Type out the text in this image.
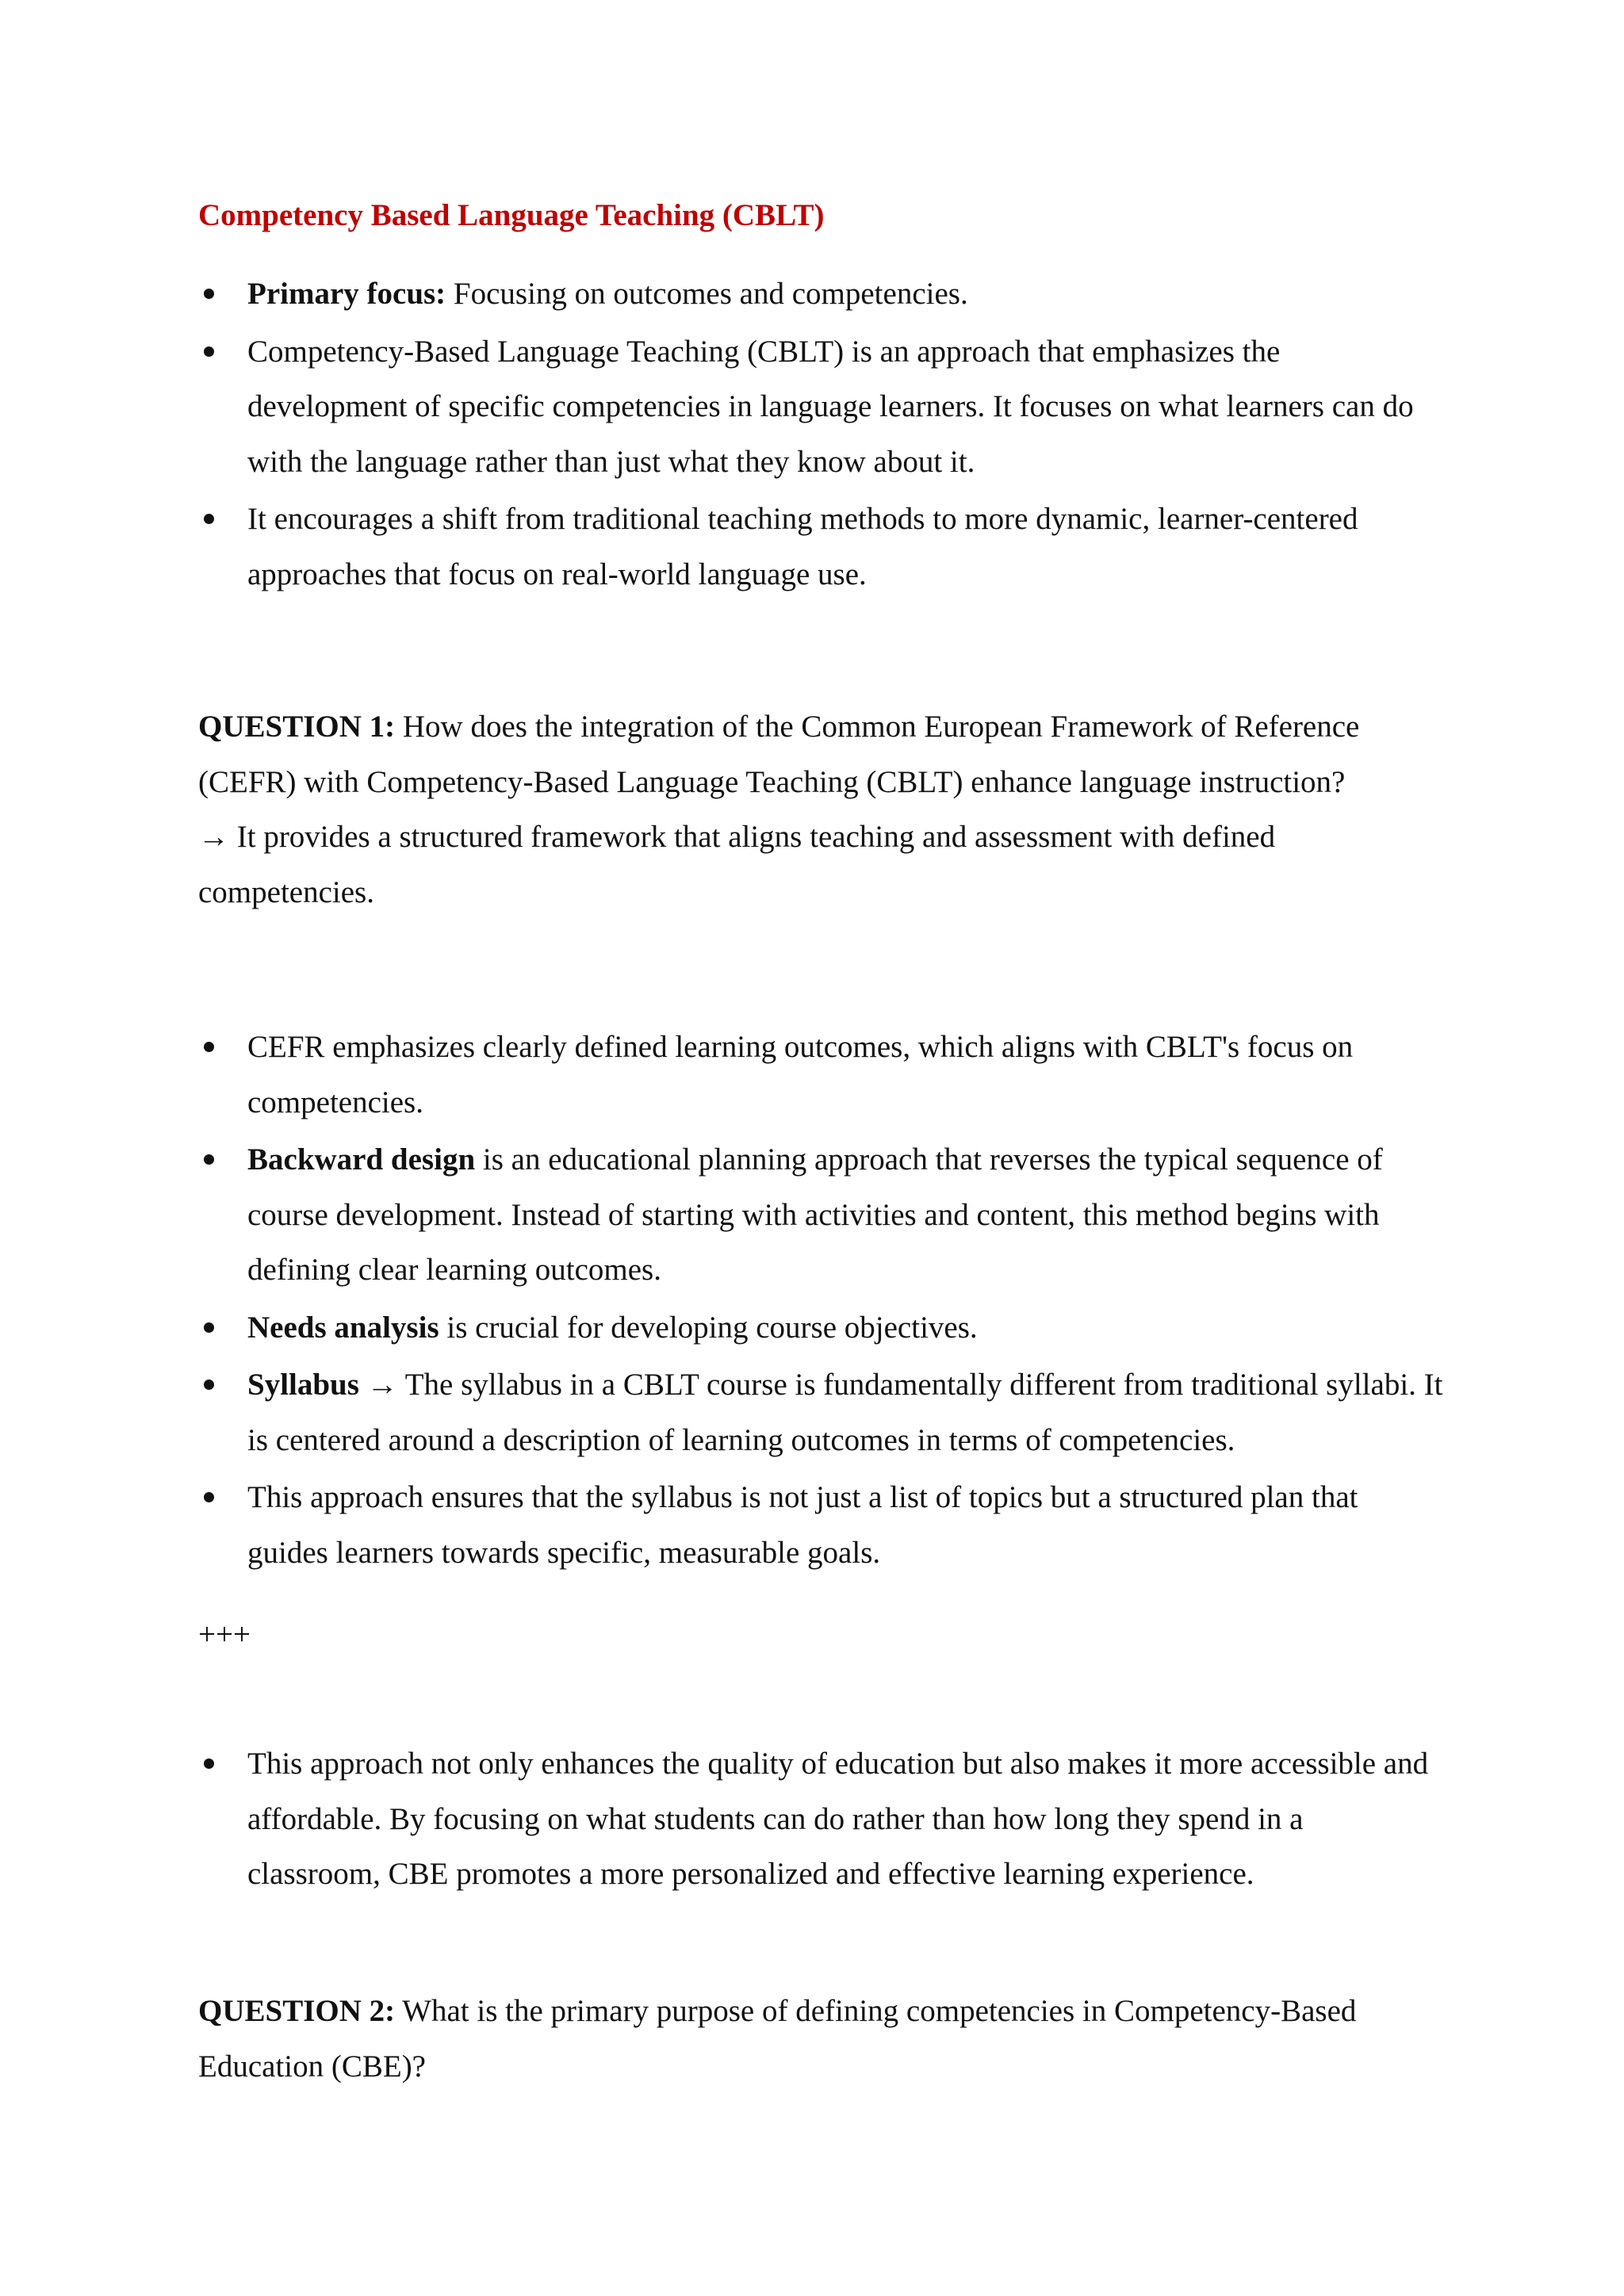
Competency Based Language Teaching (CBLT)
Primary focus: Focusing on outcomes and competencies.
Competency-Based Language Teaching (CBLT) is an approach that emphasizes the development of specific competencies in language learners. It focuses on what learners can do with the language rather than just what they know about it.
It encourages a shift from traditional teaching methods to more dynamic, learner-centered approaches that focus on real-world language use.

QUESTION 1: How does the integration of the Common European Framework of Reference (CEFR) with Competency-Based Language Teaching (CBLT) enhance language instruction?
→ It provides a structured framework that aligns teaching and assessment with defined competencies.

CEFR emphasizes clearly defined learning outcomes, which aligns with CBLT's focus on competencies.
Backward design is an educational planning approach that reverses the typical sequence of course development. Instead of starting with activities and content, this method begins with defining clear learning outcomes.
Needs analysis is crucial for developing course objectives.
Syllabus → The syllabus in a CBLT course is fundamentally different from traditional syllabi. It is centered around a description of learning outcomes in terms of competencies.
This approach ensures that the syllabus is not just a list of topics but a structured plan that guides learners towards specific, measurable goals.

+++

This approach not only enhances the quality of education but also makes it more accessible and affordable. By focusing on what students can do rather than how long they spend in a classroom, CBE promotes a more personalized and effective learning experience.

QUESTION 2: What is the primary purpose of defining competencies in Competency-Based Education (CBE)?
